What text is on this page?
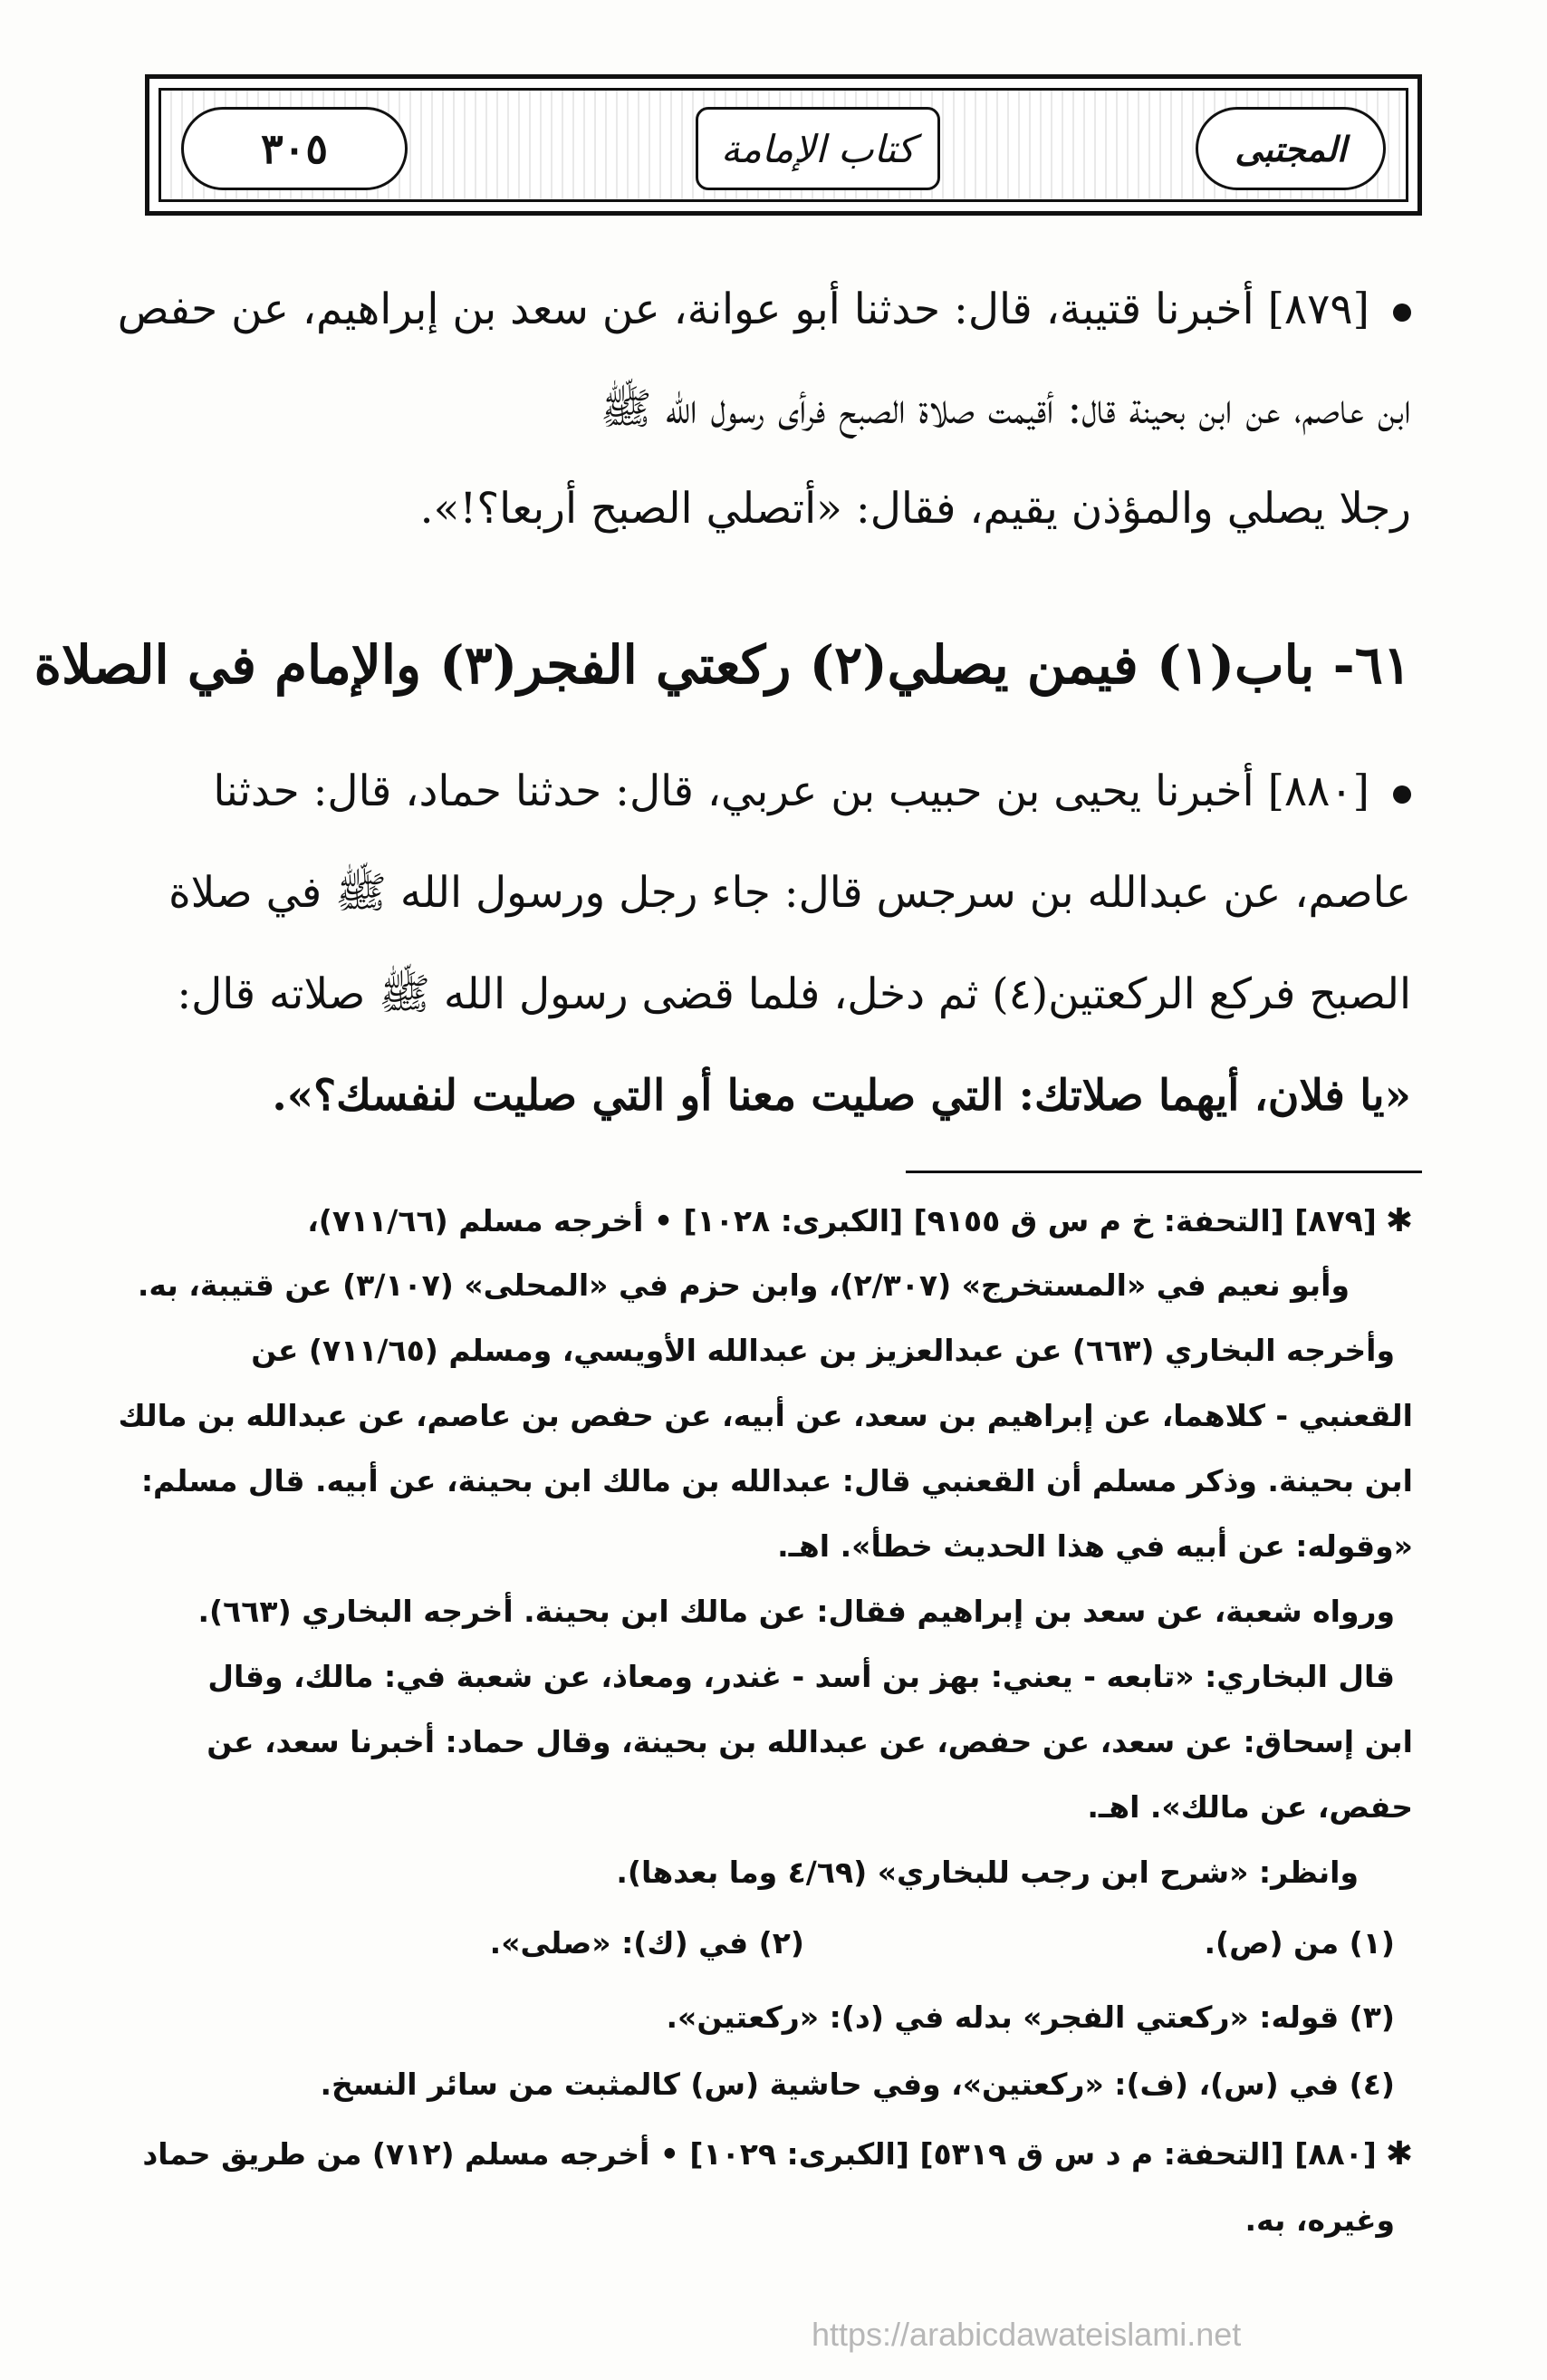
٣٠٥	كتاب الإمامة	المجتبى
[٨٧٩] أخبرنا قتيبة، قال: حدثنا أبو عوانة، عن سعد بن إبراهيم، عن حفص
ابن عاصم، عن ابن بحينة قال: أقيمت صلاة الصبح فرأى رسول الله ﷺ
رجلا يصلي والمؤذن يقيم، فقال: «أتصلي الصبح أربعا؟!».
٦١- باب(١) فيمن يصلي(٢) ركعتي الفجر(٣) والإمام في الصلاة
[٨٨٠] أخبرنا يحيى بن حبيب بن عربي، قال: حدثنا حماد، قال: حدثنا
عاصم، عن عبدالله بن سرجس قال: جاء رجل ورسول الله ﷺ في صلاة
الصبح فركع الركعتين(٤) ثم دخل، فلما قضى رسول الله ﷺ صلاته قال:
«يا فلان، أيهما صلاتك: التي صليت معنا أو التي صليت لنفسك؟».
✱[٨٧٩] [التحفة: خ م س ق ٩١٥٥] [الكبرى: ١٠٢٨] • أخرجه مسلم (٧١١/٦٦)،
وأبو نعيم في «المستخرج» (٢/٣٠٧)، وابن حزم في «المحلى» (٣/١٠٧) عن قتيبة، به.
وأخرجه البخاري (٦٦٣) عن عبدالعزيز بن عبدالله الأويسي، ومسلم (٧١١/٦٥) عن
القعنبي - كلاهما، عن إبراهيم بن سعد، عن أبيه، عن حفص بن عاصم، عن عبدالله بن مالك
ابن بحينة. وذكر مسلم أن القعنبي قال: عبدالله بن مالك ابن بحينة، عن أبيه. قال مسلم:
«وقوله: عن أبيه في هذا الحديث خطأ». اهـ.
ورواه شعبة، عن سعد بن إبراهيم فقال: عن مالك ابن بحينة. أخرجه البخاري (٦٦٣).
قال البخاري: «تابعه - يعني: بهز بن أسد - غندر، ومعاذ، عن شعبة في: مالك، وقال
ابن إسحاق: عن سعد، عن حفص، عن عبدالله بن بحينة، وقال حماد: أخبرنا سعد، عن
حفص، عن مالك». اهـ.
وانظر: «شرح ابن رجب للبخاري» (٤/٦٩ وما بعدها).
(١) من (ص).
(٢) في (ك): «صلى».
(٣) قوله: «ركعتي الفجر» بدله في (د): «ركعتين».
(٤) في (س)، (ف): «ركعتين»، وفي حاشية (س) كالمثبت من سائر النسخ.
✱[٨٨٠] [التحفة: م د س ق ٥٣١٩] [الكبرى: ١٠٢٩] • أخرجه مسلم (٧١٢) من طريق حماد
وغيره، به.
https://arabicdawateislami.net
